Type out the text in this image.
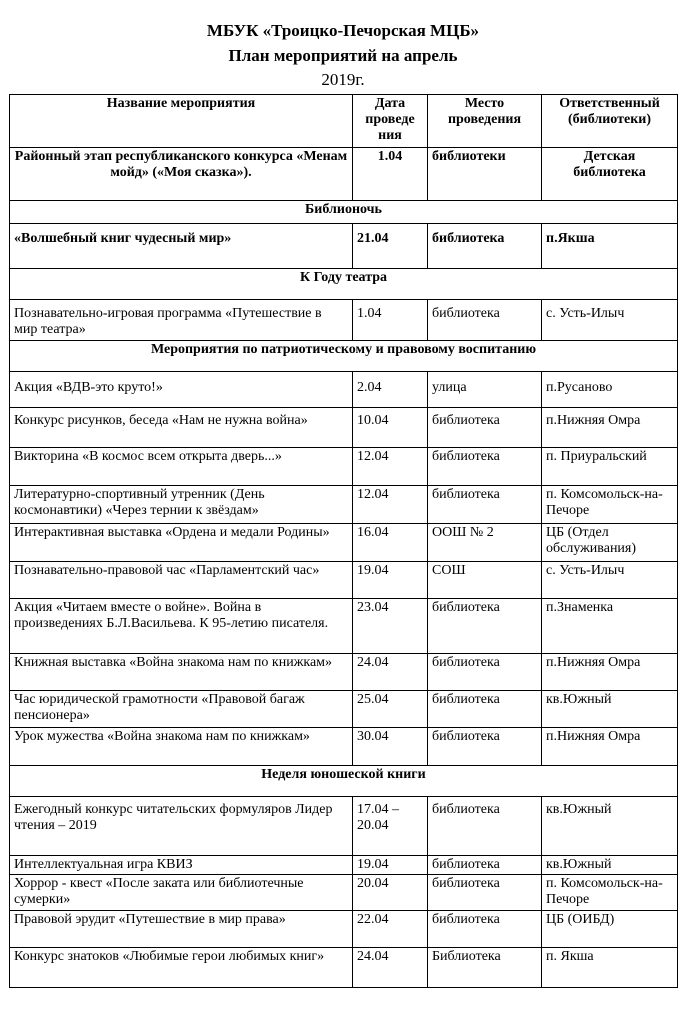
МБУК «Троицко-Печорская МЦБ»
План мероприятий на апрель
2019г.
Название мероприятия	Дата проведе ния	Место проведения	Ответственный (библиотеки)
Районный этап республиканского конкурса «Менам мойд» («Моя сказка»).	1.04	библиотеки	Детская библиотека
Библионочь			
«Волшебный книг чудесный мир»	21.04	библиотека	п.Якша
К Году театра			
Познавательно-игровая программа «Путешествие в мир театра»	1.04	библиотека	с. Усть-Илыч
Мероприятия по патриотическому и правовому воспитанию			
Акция «ВДВ-это круто!»	2.04	улица	п.Русаново
Конкурс рисунков, беседа «Нам не нужна война»	10.04	библиотека	п.Нижняя Омра
Викторина «В космос всем открыта дверь...»	12.04	библиотека	п. Приуральский
Литературно-спортивный утренник (День космонавтики) «Через тернии к звёздам»	12.04	библиотека	п. Комсомольск-на- Печоре
Интерактивная выставка «Ордена и медали Родины»	16.04	ООШ № 2	ЦБ (Отдел обслуживания)
Познавательно-правовой час «Парламентский час»	19.04	СОШ	с. Усть-Илыч
Акция «Читаем вместе о войне». Война в произведениях Б.Л.Васильева. К 95-летию писателя.	23.04	библиотека	п.Знаменка
Книжная выставка «Война знакома нам по книжкам»	24.04	библиотека	п.Нижняя Омра
Час юридической грамотности «Правовой багаж пенсионера»	25.04	библиотека	кв.Южный
Урок мужества «Война знакома нам по книжкам»	30.04	библиотека	п.Нижняя Омра
Неделя юношеской книги			
Ежегодный конкурс читательских формуляров Лидер чтения – 2019	17.04 – 20.04	библиотека	кв.Южный
Интеллектуальная игра КВИЗ	19.04	библиотека	кв.Южный
Хоррор - квест «После заката или библиотечные сумерки»	20.04	библиотека	п. Комсомольск-на- Печоре
Правовой эрудит «Путешествие в мир права»	22.04	библиотека	ЦБ (ОИБД)
Конкурс знатоков «Любимые герои любимых книг»	24.04	Библиотека	п. Якша
